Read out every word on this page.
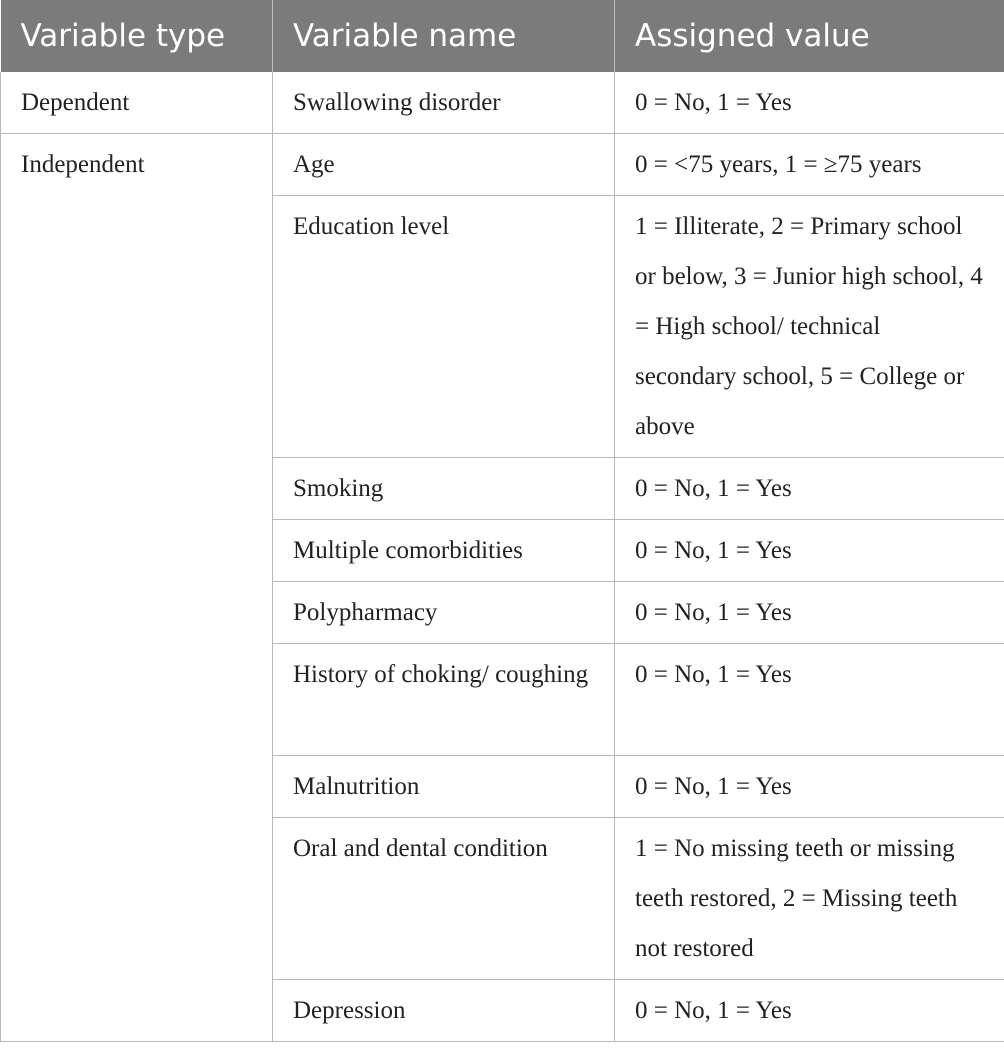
Variable type	Variable name	Assigned value
Dependent	Swallowing disorder	0 = No, 1 = Yes
Independent	Age	0 = <75 years, 1 = ≥75 years
	Education level	1 = Illiterate, 2 = Primary school or below, 3 = Junior high school, 4 = High school/ technical secondary school, 5 = College or above
	Smoking	0 = No, 1 = Yes
	Multiple comorbidities	0 = No, 1 = Yes
	Polypharmacy	0 = No, 1 = Yes
	History of choking/ coughing	0 = No, 1 = Yes
	Malnutrition	0 = No, 1 = Yes
	Oral and dental condition	1 = No missing teeth or missing teeth restored, 2 = Missing teeth not restored
	Depression	0 = No, 1 = Yes
